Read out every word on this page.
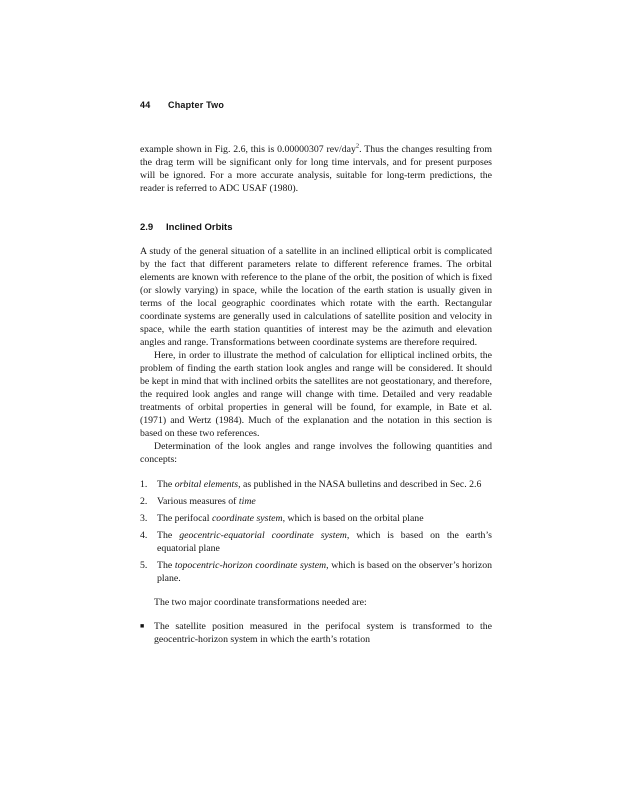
44	Chapter Two

example shown in Fig. 2.6, this is 0.00000307 rev/day$^2$. Thus the changes resulting from the drag term will be significant only for long time intervals, and for present purposes will be ignored. For a more accurate analysis, suitable for long-term predictions, the reader is referred to ADC USAF (1980).

2.9	Inclined Orbits

A study of the general situation of a satellite in an inclined elliptical orbit is complicated by the fact that different parameters relate to different reference frames. The orbital elements are known with reference to the plane of the orbit, the position of which is fixed (or slowly varying) in space, while the location of the earth station is usually given in terms of the local geographic coordinates which rotate with the earth. Rectangular coordinate systems are generally used in calculations of satellite position and velocity in space, while the earth station quantities of interest may be the azimuth and elevation angles and range. Transformations between coordinate systems are therefore required.

Here, in order to illustrate the method of calculation for elliptical inclined orbits, the problem of finding the earth station look angles and range will be considered. It should be kept in mind that with inclined orbits the satellites are not geostationary, and therefore, the required look angles and range will change with time. Detailed and very readable treatments of orbital properties in general will be found, for example, in Bate et al. (1971) and Wertz (1984). Much of the explanation and the notation in this section is based on these two references.

Determination of the look angles and range involves the following quantities and concepts:

1. The orbital elements, as published in the NASA bulletins and described in Sec. 2.6
2. Various measures of time
3. The perifocal coordinate system, which is based on the orbital plane
4. The geocentric-equatorial coordinate system, which is based on the earth’s equatorial plane
5. The topocentric-horizon coordinate system, which is based on the observer’s horizon plane.

The two major coordinate transformations needed are:

■ The satellite position measured in the perifocal system is transformed to the geocentric-horizon system in which the earth’s rotation
